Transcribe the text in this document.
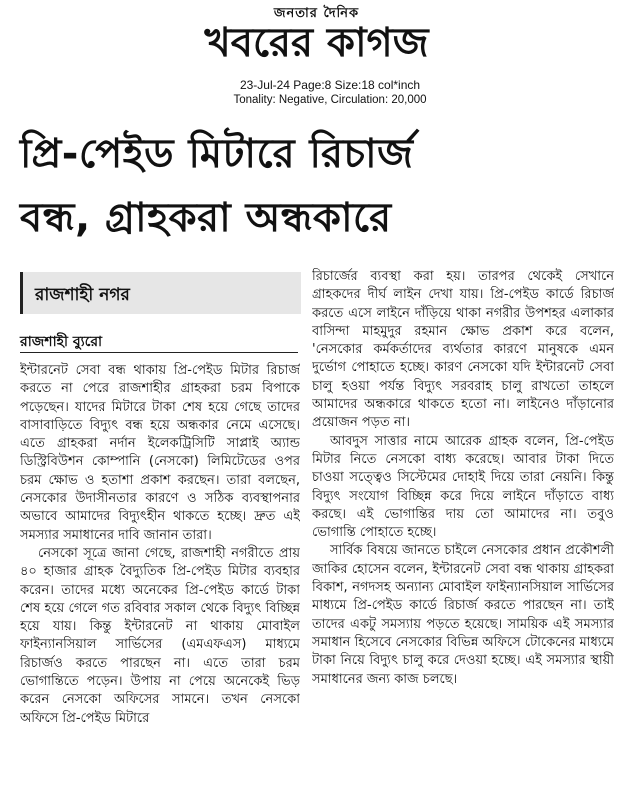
জনতার দৈনিক
খবরের কাগজ
23-Jul-24 Page:8 Size:18 col*inch
Tonality: Negative, Circulation: 20,000
প্রি-পেইড মিটারে রিচার্জ
বন্ধ, গ্রাহকরা অন্ধকারে
রাজশাহী নগর
রাজশাহী ব্যুরো

ইন্টারনেট সেবা বন্ধ থাকায় প্রি-পেইড মিটার রিচার্জ করতে না পেরে রাজশাহীর গ্রাহকরা চরম বিপাকে পড়েছেন। যাদের মিটারে টাকা শেষ হয়ে গেছে তাদের বাসাবাড়িতে বিদ্যুৎ বন্ধ হয়ে অন্ধকার নেমে এসেছে। এতে গ্রাহকরা নর্দান ইলেকট্রিসিটি সাপ্লাই অ্যান্ড ডিস্ট্রিবিউশন কোম্পানি (নেসকো) লিমিটেডের ওপর চরম ক্ষোভ ও হতাশা প্রকাশ করছেন। তারা বলছেন, নেসকোর উদাসীনতার কারণে ও সঠিক ব্যবস্থাপনার অভাবে আমাদের বিদ্যুৎহীন থাকতে হচ্ছে। দ্রুত এই সমস্যার সমাধানের দাবি জানান তারা।

নেসকো সূত্রে জানা গেছে, রাজশাহী নগরীতে প্রায় ৪০ হাজার গ্রাহক বৈদ্যুতিক প্রি-পেইড মিটার ব্যবহার করেন। তাদের মধ্যে অনেকের প্রি-পেইড কার্ডে টাকা শেষ হয়ে গেলে গত রবিবার সকাল থেকে বিদ্যুৎ বিচ্ছিন্ন হয়ে যায়। কিন্তু ইন্টারনেট না থাকায় মোবাইল ফাইন্যানসিয়াল সার্ভিসের (এমএফএস) মাধ্যমে রিচার্জও করতে পারছেন না। এতে তারা চরম ভোগান্তিতে পড়েন। উপায় না পেয়ে অনেকেই ভিড় করেন নেসকো অফিসের সামনে। তখন নেসকো অফিসে প্রি-পেইড মিটারে

রিচার্জের ব্যবস্থা করা হয়। তারপর থেকেই সেখানে গ্রাহকদের দীর্ঘ লাইন দেখা যায়। প্রি-পেইড কার্ডে রিচার্জ করতে এসে লাইনে দাঁড়িয়ে থাকা নগরীর উপশহর এলাকার বাসিন্দা মাহমুদুর রহমান ক্ষোভ প্রকাশ করে বলেন, 'নেসকোর কর্মকর্তাদের ব্যর্থতার কারণে মানুষকে এমন দুর্ভোগ পোহাতে হচ্ছে। কারণ নেসকো যদি ইন্টারনেট সেবা চালু হওয়া পর্যন্ত বিদ্যুৎ সরবরাহ চালু রাখতো তাহলে আমাদের অন্ধকারে থাকতে হতো না। লাইনেও দাঁড়ানোর প্রয়োজন পড়ত না।

আবদুস সাত্তার নামে আরেক গ্রাহক বলেন, প্রি-পেইড মিটার নিতে নেসকো বাধ্য করেছে। আবার টাকা দিতে চাওয়া সত্ত্বেও সিস্টেমের দোহাই দিয়ে তারা নেয়নি। কিন্তু বিদ্যুৎ সংযোগ বিচ্ছিন্ন করে দিয়ে লাইনে দাঁড়াতে বাধ্য করছে। এই ভোগান্তির দায় তো আমাদের না। তবুও ভোগান্তি পোহাতে হচ্ছে।

সার্বিক বিষয়ে জানতে চাইলে নেসকোর প্রধান প্রকৌশলী জাকির হোসেন বলেন, ইন্টারনেট সেবা বন্ধ থাকায় গ্রাহকরা বিকাশ, নগদসহ অন্যান্য মোবাইল ফাইন্যানসিয়াল সার্ভিসের মাধ্যমে প্রি-পেইড কার্ডে রিচার্জ করতে পারছেন না। তাই তাদের একটু সমস্যায় পড়তে হয়েছে। সাময়িক এই সমস্যার সমাধান হিসেবে নেসকোর বিভিন্ন অফিসে টোকেনের মাধ্যমে টাকা নিয়ে বিদ্যুৎ চালু করে দেওয়া হচ্ছে। এই সমস্যার স্থায়ী সমাধানের জন্য কাজ চলছে।
